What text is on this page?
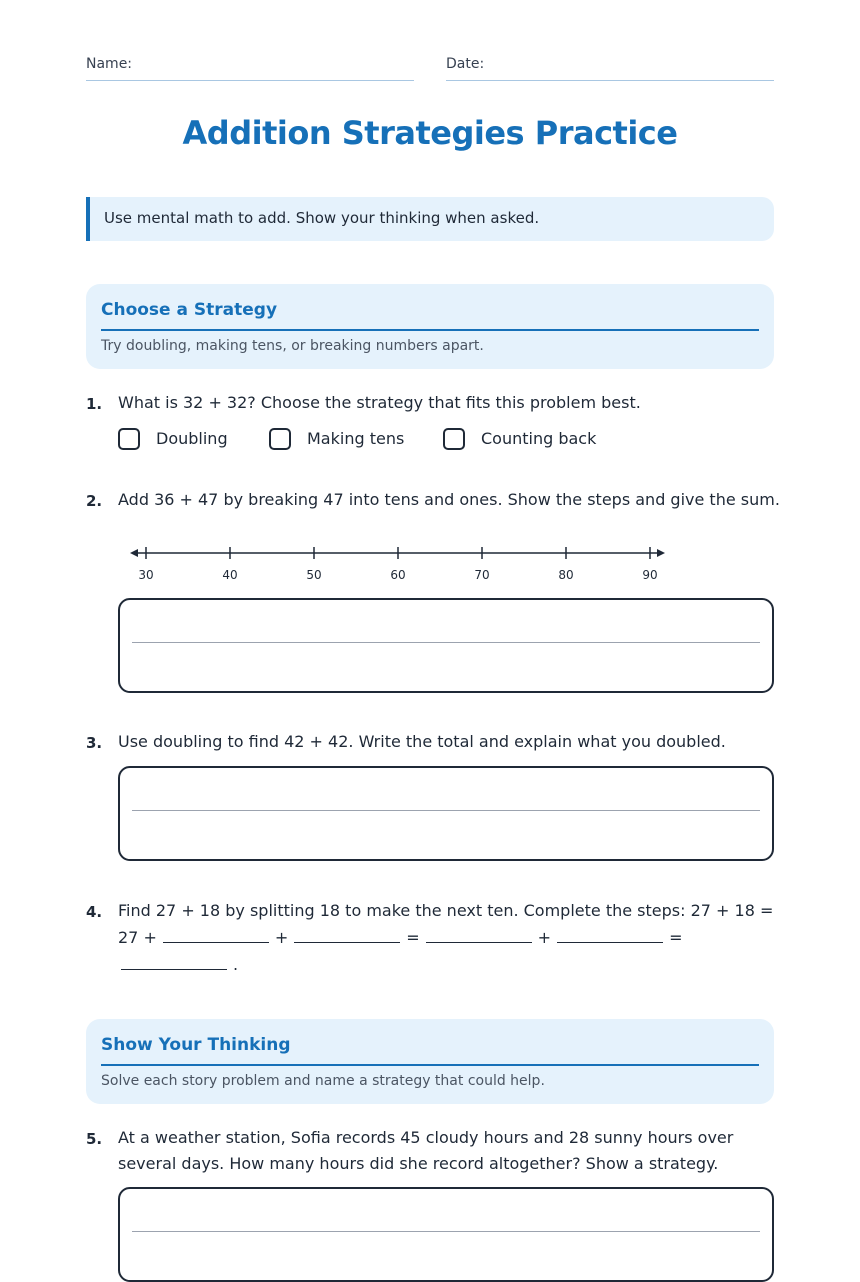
Name:	Date:
Addition Strategies Practice
Use mental math to add. Show your thinking when asked.
Choose a Strategy
Try doubling, making tens, or breaking numbers apart.
1. What is 32 + 32? Choose the strategy that fits this problem best.
Doubling	Making tens	Counting back
2. Add 36 + 47 by breaking 47 into tens and ones. Show the steps and give the sum.
30	40	50	60	70	80	90
3. Use doubling to find 42 + 42. Write the total and explain what you doubled.
4. Find 27 + 18 by splitting 18 to make the next ten. Complete the steps: 27 + 18 =
27 +	+	=	+	=
.
Show Your Thinking
Solve each story problem and name a strategy that could help.
5. At a weather station, Sofia records 45 cloudy hours and 28 sunny hours over
several days. How many hours did she record altogether? Show a strategy.
